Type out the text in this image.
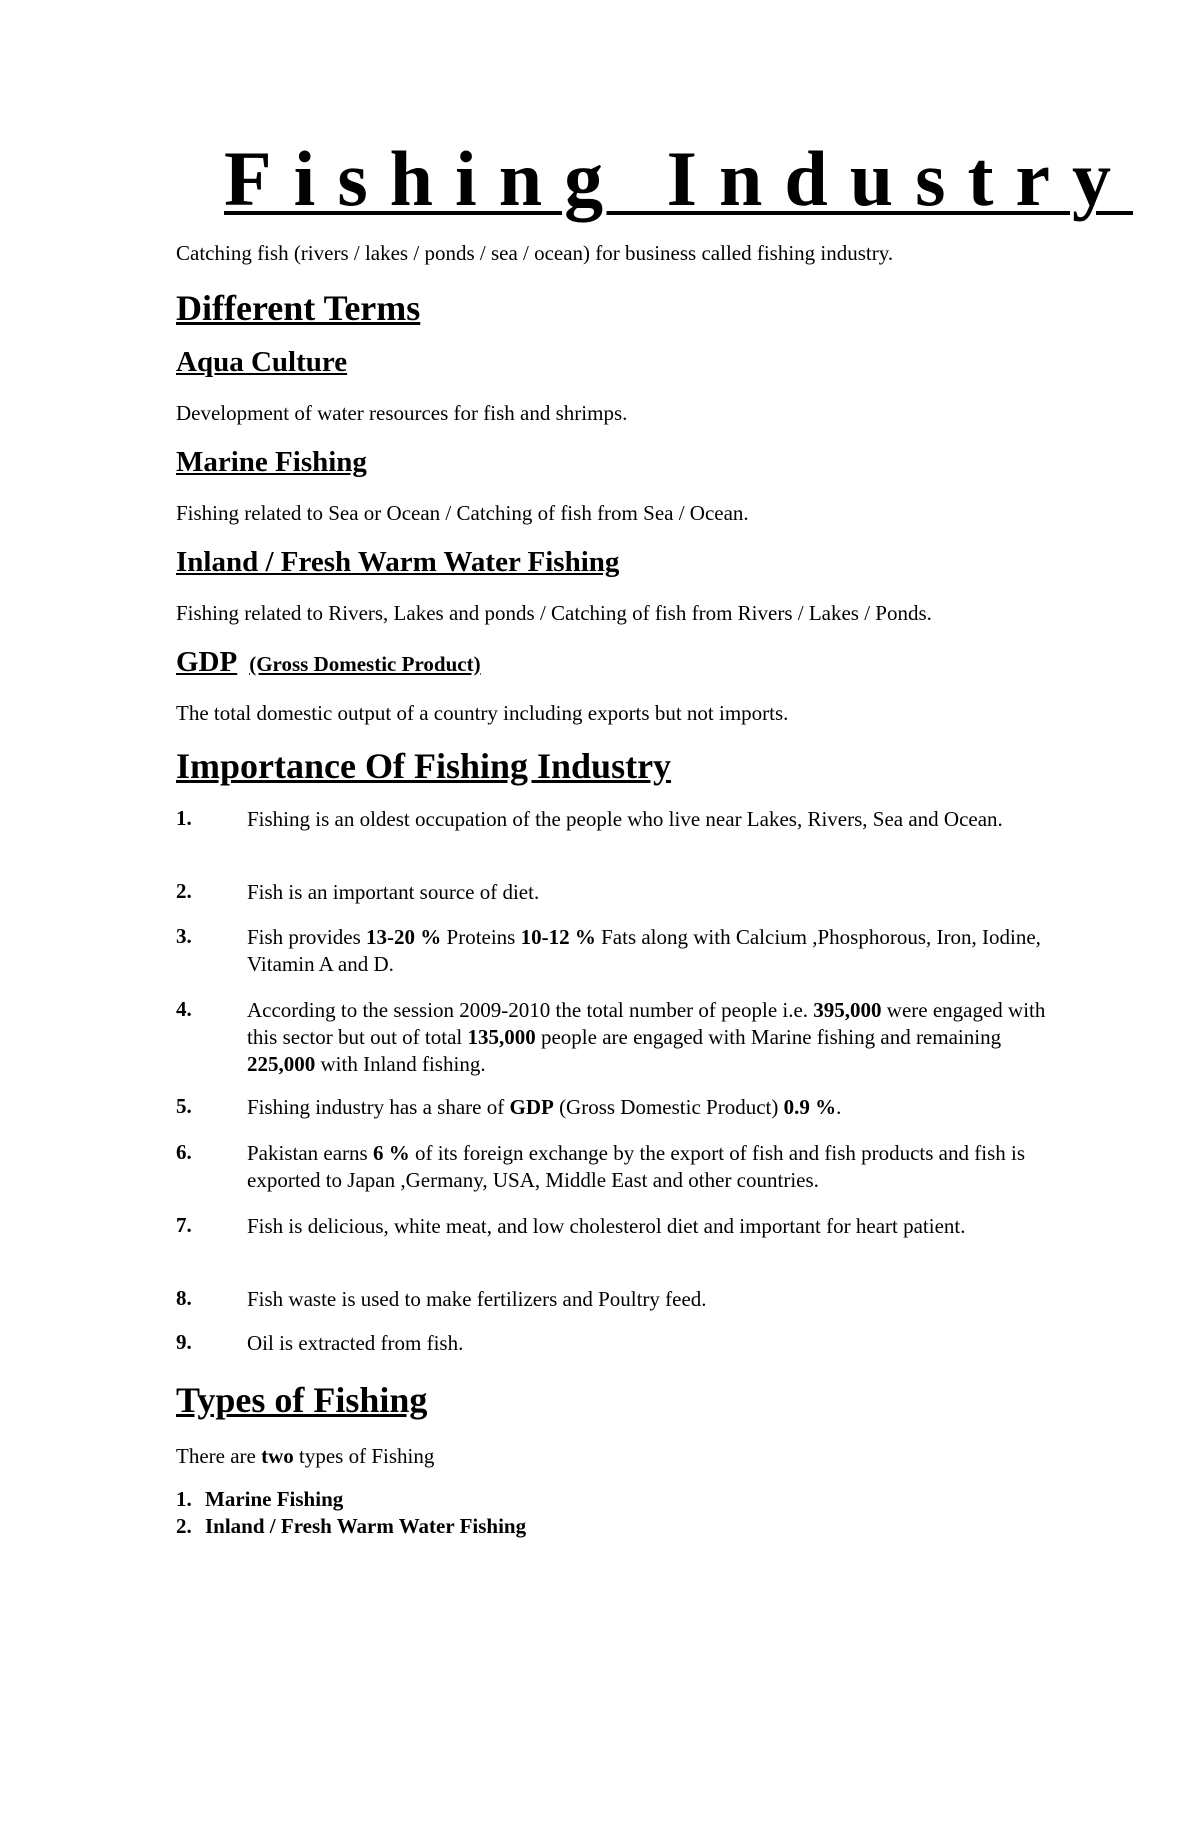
Fishing Industry
Catching fish (rivers / lakes / ponds / sea / ocean) for business called fishing industry.
Different Terms
Aqua Culture
Development of water resources for fish and shrimps.
Marine Fishing
Fishing related to Sea or Ocean / Catching of fish from Sea / Ocean.
Inland / Fresh Warm Water Fishing
Fishing related to Rivers, Lakes and ponds / Catching of fish from Rivers / Lakes / Ponds.
GDP (Gross Domestic Product)
The total domestic output of a country including exports but not imports.
Importance Of Fishing Industry
1.	Fishing is an oldest occupation of the people who live near Lakes, Rivers, Sea and Ocean.
2.	Fish is an important source of diet.
3.	Fish provides 13-20 % Proteins 10-12 % Fats along with Calcium ,Phosphorous, Iron, Iodine, Vitamin A and D.
4.	According to the session 2009-2010 the total number of people i.e. 395,000 were engaged with this sector but out of total 135,000 people are engaged with Marine fishing and remaining 225,000 with Inland fishing.
5.	Fishing industry has a share of GDP (Gross Domestic Product) 0.9 %.
6.	Pakistan earns 6 % of its foreign exchange by the export of fish and fish products and fish is exported to Japan ,Germany, USA, Middle East and other countries.
7.	Fish is delicious, white meat, and low cholesterol diet and important for heart patient.
8.	Fish waste is used to make fertilizers and Poultry feed.
9.	Oil is extracted from fish.
Types of Fishing
There are two types of Fishing
1. Marine Fishing
2. Inland / Fresh Warm Water Fishing
